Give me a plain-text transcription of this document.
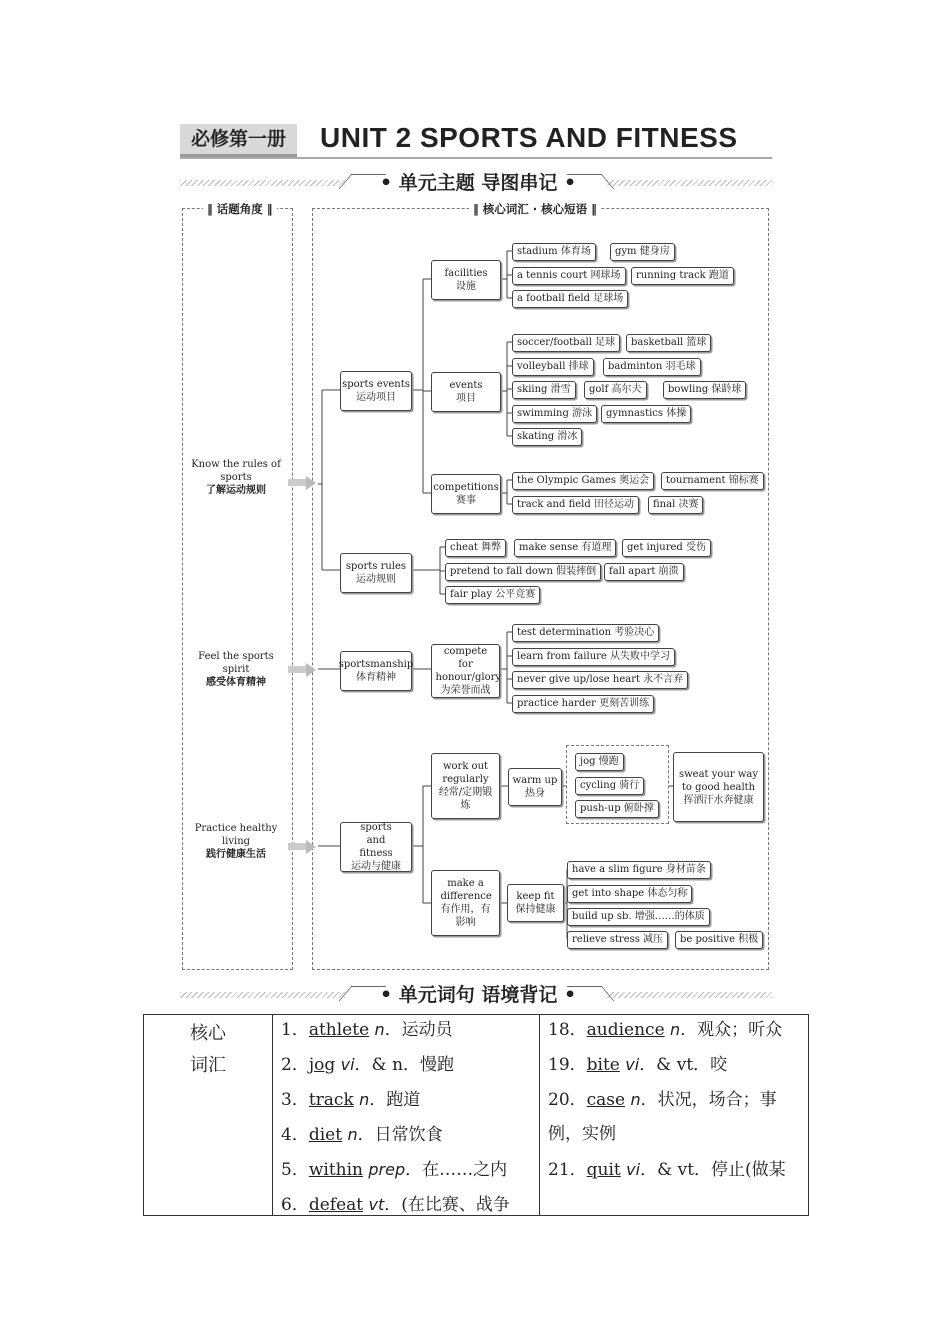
必修第一册	UNIT 2 SPORTS AND FITNESS
• 单元主题 导图串记 •
‖ 话题角度 ‖	‖ 核心词汇 · 核心短语 ‖
Know the rules of sports
了解运动规则
Feel the sports spirit
感受体育精神
Practice healthy living
践行健康生活
sports events
运动项目
sports rules
运动规则
sportsmanship
体育精神
sports and fitness
运动与健康
facilities
设施
events
项目
competitions
赛事
compete for honour/glory
为荣誉而战
work out regularly
经常/定期锻炼
make a difference
有作用，有影响
warm up
热身
keep fit
保持健康
sweat your way to good health
挥洒汗水奔健康
stadium 体育场	gym 健身房
a tennis court 网球场	running track 跑道
a football field 足球场
soccer/football 足球	basketball 篮球
volleyball 排球	badminton 羽毛球
skiing 滑雪	golf 高尔夫	bowling 保龄球
swimming 游泳	gymnastics 体操
skating 滑冰
the Olympic Games 奥运会	tournament 锦标赛
track and field 田径运动	final 决赛
cheat 舞弊	make sense 有道理	get injured 受伤
pretend to fall down 假装摔倒	fall apart 崩溃
fair play 公平竞赛
test determination 考验决心
learn from failure 从失败中学习
never give up/lose heart 永不言弃
practice harder 更刻苦训练
jog 慢跑
cycling 骑行
push-up 俯卧撑
have a slim figure 身材苗条
get into shape 体态匀称
build up sb. 增强……的体质
relieve stress 减压	be positive 积极
• 单元词句 语境背记 •
核心
词汇
1．athlete n．运动员
2．jog vi．& n．慢跑
3．track n．跑道
4．diet n．日常饮食
5．within prep．在……之内
6．defeat vt．(在比赛、战争
18．audience n．观众；听众
19．bite vi．& vt．咬
20．case n．状况，场合；事
例，实例
21．quit vi．& vt．停止(做某
